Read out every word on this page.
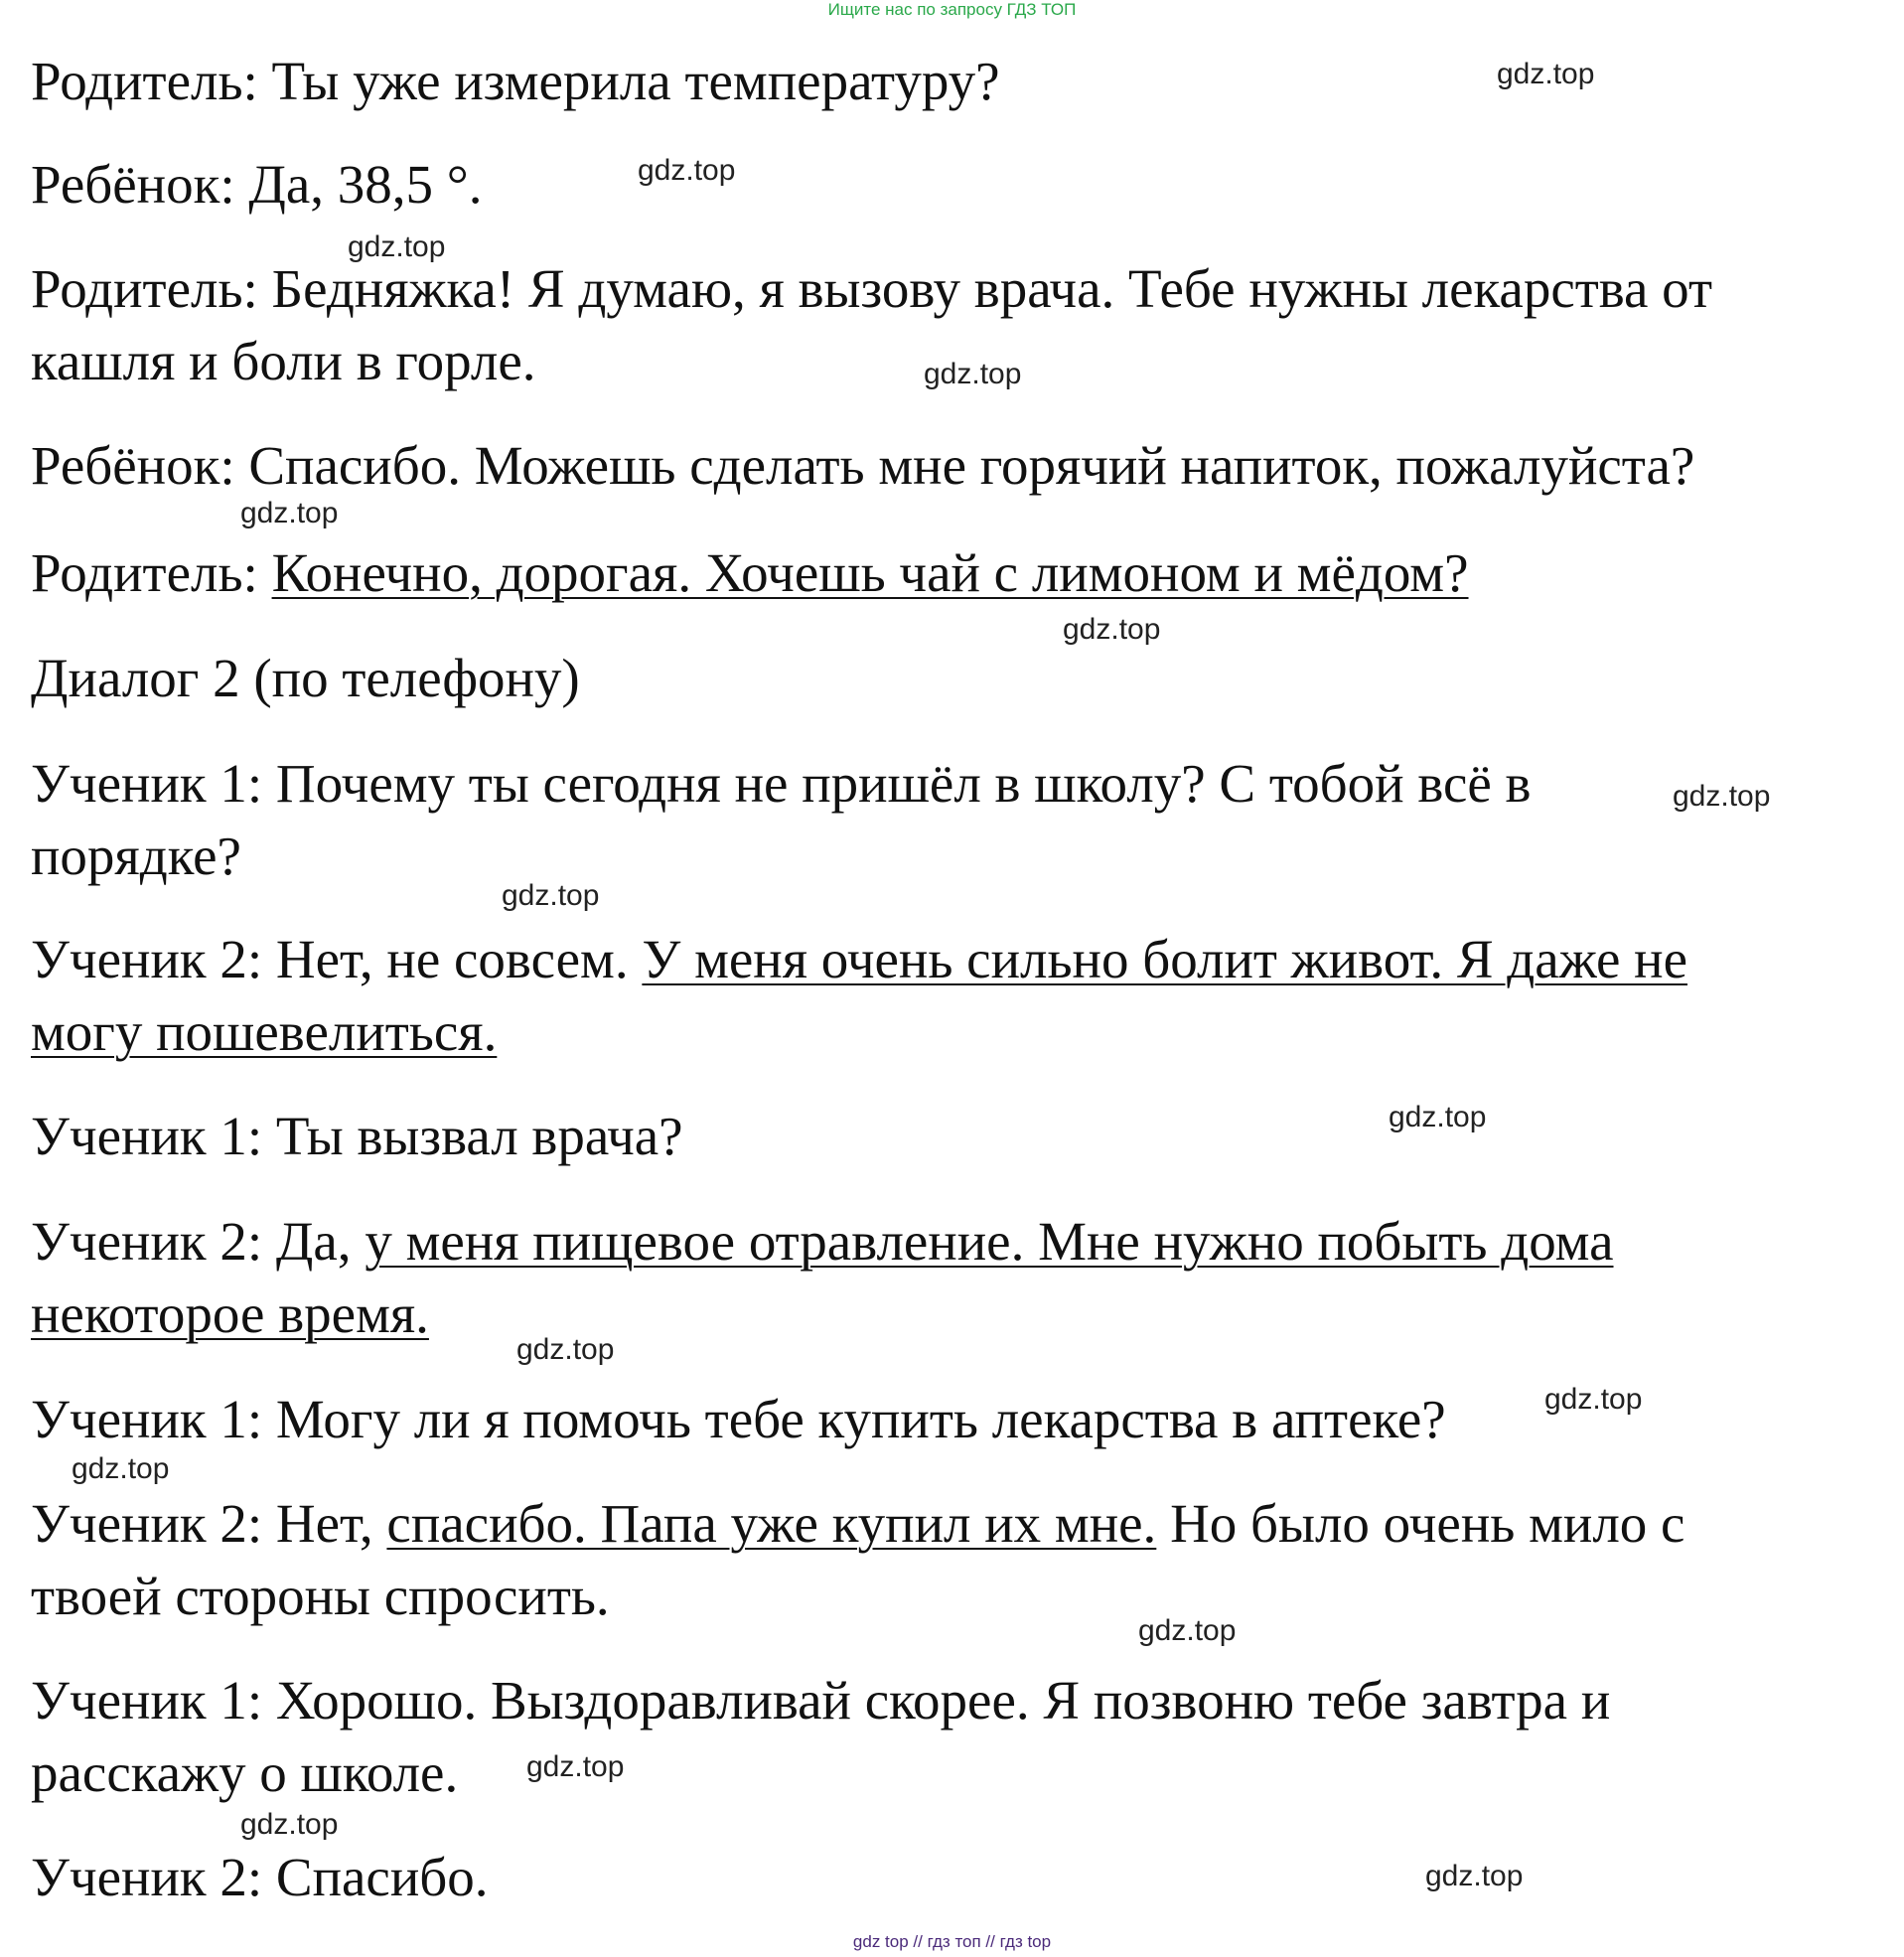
Ищите нас по запросу ГДЗ ТОП
Родитель: Ты уже измерила температуру?
Ребёнок: Да, 38,5 °.
Родитель: Бедняжка! Я думаю, я вызову врача. Тебе нужны лекарства от
кашля и боли в горле.
Ребёнок: Спасибо. Можешь сделать мне горячий напиток, пожалуйста?
Родитель: Конечно, дорогая. Хочешь чай с лимоном и мёдом?
Диалог 2 (по телефону)
Ученик 1: Почему ты сегодня не пришёл в школу? С тобой всё в
порядке?
Ученик 2: Нет, не совсем. У меня очень сильно болит живот. Я даже не
могу пошевелиться.
Ученик 1: Ты вызвал врача?
Ученик 2: Да, у меня пищевое отравление. Мне нужно побыть дома
некоторое время.
Ученик 1: Могу ли я помочь тебе купить лекарства в аптеке?
Ученик 2: Нет, спасибо. Папа уже купил их мне. Но было очень мило с
твоей стороны спросить.
Ученик 1: Хорошо. Выздоравливай скорее. Я позвоню тебе завтра и
расскажу о школе.
Ученик 2: Спасибо.
gdz.top
gdz.top
gdz.top
gdz.top
gdz.top
gdz.top
gdz.top
gdz.top
gdz.top
gdz.top
gdz.top
gdz.top
gdz.top
gdz.top
gdz.top
gdz.top
gdz top // гдз топ // гдз top
